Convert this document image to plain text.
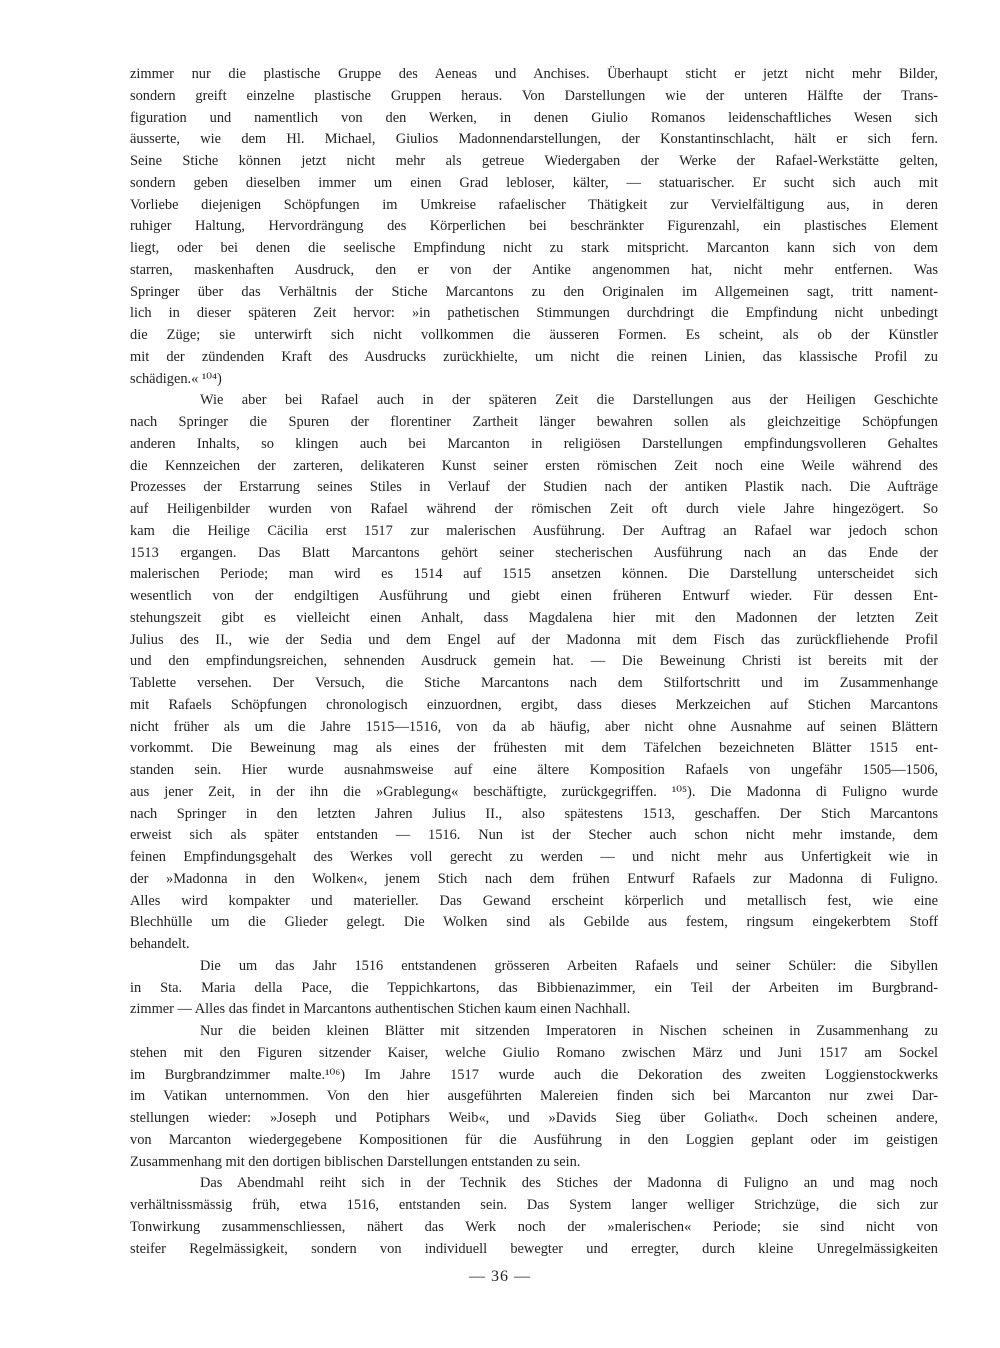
zimmer nur die plastische Gruppe des Aeneas und Anchises. Überhaupt sticht er jetzt nicht mehr Bilder,
sondern greift einzelne plastische Gruppen heraus. Von Darstellungen wie der unteren Hälfte der Trans-
figuration und namentlich von den Werken, in denen Giulio Romanos leidenschaftliches Wesen sich
äusserte, wie dem Hl. Michael, Giulios Madonnendarstellungen, der Konstantinschlacht, hält er sich fern.
Seine Stiche können jetzt nicht mehr als getreue Wiedergaben der Werke der Rafael-Werkstätte gelten,
sondern geben dieselben immer um einen Grad lebloser, kälter, — statuarischer. Er sucht sich auch mit
Vorliebe diejenigen Schöpfungen im Umkreise rafaelischer Thätigkeit zur Vervielfältigung aus, in deren
ruhiger Haltung, Hervordrängung des Körperlichen bei beschränkter Figurenzahl, ein plastisches Element
liegt, oder bei denen die seelische Empfindung nicht zu stark mitspricht. Marcanton kann sich von dem
starren, maskenhaften Ausdruck, den er von der Antike angenommen hat, nicht mehr entfernen. Was
Springer über das Verhältnis der Stiche Marcantons zu den Originalen im Allgemeinen sagt, tritt nament-
lich in dieser späteren Zeit hervor: »in pathetischen Stimmungen durchdringt die Empfindung nicht unbedingt
die Züge; sie unterwirft sich nicht vollkommen die äusseren Formen. Es scheint, als ob der Künstler
mit der zündenden Kraft des Ausdrucks zurückhielte, um nicht die reinen Linien, das klassische Profil zu
schädigen.« ¹⁰⁴)
Wie aber bei Rafael auch in der späteren Zeit die Darstellungen aus der Heiligen Geschichte
nach Springer die Spuren der florentiner Zartheit länger bewahren sollen als gleichzeitige Schöpfungen
anderen Inhalts, so klingen auch bei Marcanton in religiösen Darstellungen empfindungsvolleren Gehaltes
die Kennzeichen der zarteren, delikateren Kunst seiner ersten römischen Zeit noch eine Weile während des
Prozesses der Erstarrung seines Stiles in Verlauf der Studien nach der antiken Plastik nach. Die Aufträge
auf Heiligenbilder wurden von Rafael während der römischen Zeit oft durch viele Jahre hingezögert. So
kam die Heilige Cäcilia erst 1517 zur malerischen Ausführung. Der Auftrag an Rafael war jedoch schon
1513 ergangen. Das Blatt Marcantons gehört seiner stecherischen Ausführung nach an das Ende der
malerischen Periode; man wird es 1514 auf 1515 ansetzen können. Die Darstellung unterscheidet sich
wesentlich von der endgiltigen Ausführung und giebt einen früheren Entwurf wieder. Für dessen Ent-
stehungszeit gibt es vielleicht einen Anhalt, dass Magdalena hier mit den Madonnen der letzten Zeit
Julius des II., wie der Sedia und dem Engel auf der Madonna mit dem Fisch das zurückfliehende Profil
und den empfindungsreichen, sehnenden Ausdruck gemein hat. — Die Beweinung Christi ist bereits mit der
Tablette versehen. Der Versuch, die Stiche Marcantons nach dem Stilfortschritt und im Zusammenhange
mit Rafaels Schöpfungen chronologisch einzuordnen, ergibt, dass dieses Merkzeichen auf Stichen Marcantons
nicht früher als um die Jahre 1515—1516, von da ab häufig, aber nicht ohne Ausnahme auf seinen Blättern
vorkommt. Die Beweinung mag als eines der frühesten mit dem Täfelchen bezeichneten Blätter 1515 ent-
standen sein. Hier wurde ausnahmsweise auf eine ältere Komposition Rafaels von ungefähr 1505—1506,
aus jener Zeit, in der ihn die »Grablegung« beschäftigte, zurückgegriffen. ¹⁰⁵). Die Madonna di Fuligno wurde
nach Springer in den letzten Jahren Julius II., also spätestens 1513, geschaffen. Der Stich Marcantons
erweist sich als später entstanden — 1516. Nun ist der Stecher auch schon nicht mehr imstande, dem
feinen Empfindungsgehalt des Werkes voll gerecht zu werden — und nicht mehr aus Unfertigkeit wie in
der »Madonna in den Wolken«, jenem Stich nach dem frühen Entwurf Rafaels zur Madonna di Fuligno.
Alles wird kompakter und materieller. Das Gewand erscheint körperlich und metallisch fest, wie eine
Blechhülle um die Glieder gelegt. Die Wolken sind als Gebilde aus festem, ringsum eingekerbtem Stoff
behandelt.
Die um das Jahr 1516 entstandenen grösseren Arbeiten Rafaels und seiner Schüler: die Sibyllen
in Sta. Maria della Pace, die Teppichkartons, das Bibbienazimmer, ein Teil der Arbeiten im Burgbrand-
zimmer — Alles das findet in Marcantons authentischen Stichen kaum einen Nachhall.
Nur die beiden kleinen Blätter mit sitzenden Imperatoren in Nischen scheinen in Zusammenhang zu
stehen mit den Figuren sitzender Kaiser, welche Giulio Romano zwischen März und Juni 1517 am Sockel
im Burgbrandzimmer malte.¹⁰⁶) Im Jahre 1517 wurde auch die Dekoration des zweiten Loggienstockwerks
im Vatikan unternommen. Von den hier ausgeführten Malereien finden sich bei Marcanton nur zwei Dar-
stellungen wieder: »Joseph und Potiphars Weib«, und »Davids Sieg über Goliath«. Doch scheinen andere,
von Marcanton wiedergegebene Kompositionen für die Ausführung in den Loggien geplant oder im geistigen
Zusammenhang mit den dortigen biblischen Darstellungen entstanden zu sein.
Das Abendmahl reiht sich in der Technik des Stiches der Madonna di Fuligno an und mag noch
verhältnissmässig früh, etwa 1516, entstanden sein. Das System langer welliger Strichzüge, die sich zur
Tonwirkung zusammenschliessen, nähert das Werk noch der »malerischen« Periode; sie sind nicht von
steifer Regelmässigkeit, sondern von individuell bewegter und erregter, durch kleine Unregelmässigkeiten
— 36 —
